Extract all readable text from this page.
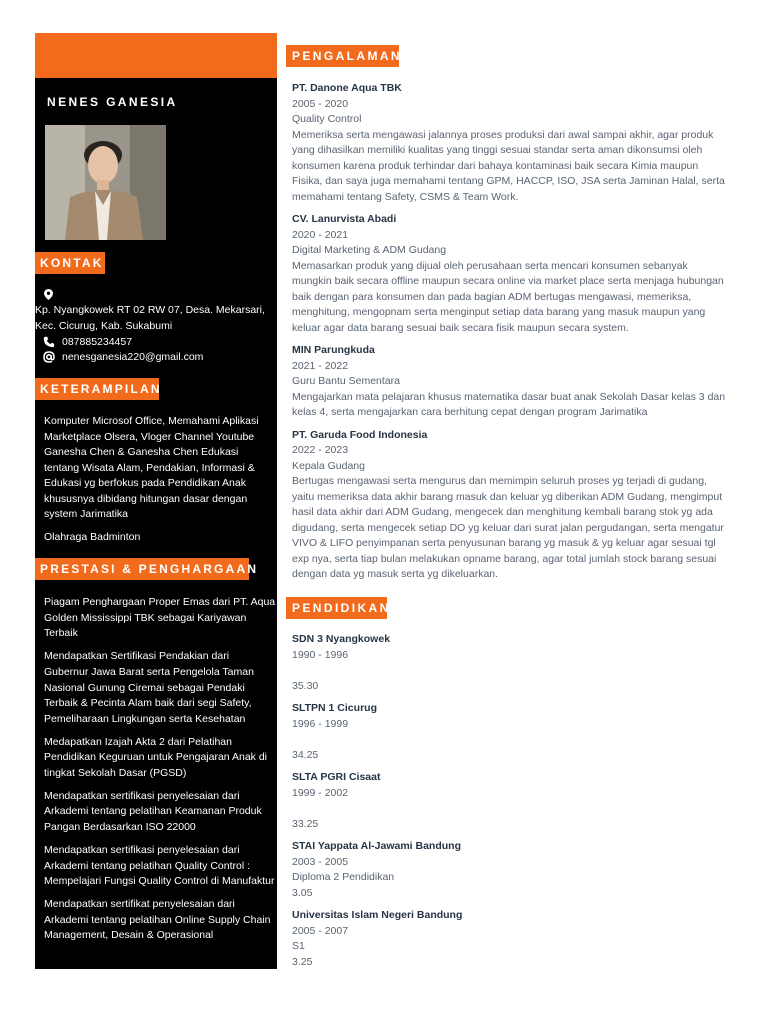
NENES GANESIA
KONTAK
Kp. Nyangkowek RT 02 RW 07, Desa. Mekarsari, Kec. Cicurug, Kab. Sukabumi
087885234457
nenesganesia220@gmail.com
KETERAMPILAN
Komputer Microsof Office, Memahami Aplikasi Marketplace Olsera, Vloger Channel Youtube Ganesha Chen & Ganesha Chen Edukasi tentang Wisata Alam, Pendakian, Informasi & Edukasi yg berfokus pada Pendidikan Anak khususnya dibidang hitungan dasar dengan system Jarimatika
Olahraga Badminton
PRESTASI & PENGHARGAAN
Piagam Penghargaan Proper Emas dari PT. Aqua Golden Mississippi TBK sebagai Kariyawan Terbaik
Mendapatkan Sertifikasi Pendakian dari Gubernur Jawa Barat serta Pengelola Taman Nasional Gunung Ciremai sebagai Pendaki Terbaik & Pecinta Alam baik dari segi Safety, Pemeliharaan Lingkungan serta Kesehatan
Medapatkan Izajah Akta 2 dari Pelatihan Pendidikan Keguruan untuk Pengajaran Anak di tingkat Sekolah Dasar (PGSD)
Mendapatkan sertifikasi penyelesaian dari Arkademi tentang pelatihan Keamanan Produk Pangan Berdasarkan ISO 22000
Mendapatkan sertifikasi penyelesaian dari Arkademi tentang pelatihan Quality Control : Mempelajari Fungsi Quality Control di Manufaktur
Mendapatkan sertifikat penyelesaian dari Arkademi tentang pelatihan Online Supply Chain Management, Desain & Operasional
PENGALAMAN
PT. Danone Aqua TBK
2005 - 2020
Quality Control
Memeriksa serta mengawasi jalannya proses produksi dari awal sampai akhir, agar produk yang dihasilkan memiliki kualitas yang tinggi sesuai standar serta aman dikonsumsi oleh konsumen karena produk terhindar dari bahaya kontaminasi baik secara Kimia maupun Fisika, dan saya juga memahami tentang GPM, HACCP, ISO, JSA serta Jaminan Halal, serta memahami tentang Safety, CSMS & Team Work.
CV. Lanurvista Abadi
2020 - 2021
Digital Marketing & ADM Gudang
Memasarkan produk yang dijual oleh perusahaan serta mencari konsumen sebanyak mungkin baik secara offline maupun secara online via market place serta menjaga hubungan baik dengan para konsumen dan pada bagian ADM bertugas mengawasi, memeriksa, menghitung, mengopnam serta menginput setiap data barang yang masuk maupun yang keluar agar data barang sesuai baik secara fisik maupun secara system.
MIN Parungkuda
2021 - 2022
Guru Bantu Sementara
Mengajarkan mata pelajaran khusus matematika dasar buat anak Sekolah Dasar kelas 3 dan kelas 4, serta mengajarkan cara berhitung cepat dengan program Jarimatika
PT. Garuda Food Indonesia
2022 - 2023
Kepala Gudang
Bertugas mengawasi serta mengurus dan memimpin seluruh proses yg terjadi di gudang, yaitu memeriksa data akhir barang masuk dan keluar yg diberikan ADM Gudang, mengimput hasil data akhir dari ADM Gudang, mengecek dan menghitung kembali barang stok yg ada digudang, serta mengecek setiap DO yg keluar dari surat jalan pergudangan, serta mengatur VIVO & LIFO penyimpanan serta penyusunan barang yg masuk & yg keluar agar sesuai tgl exp nya, serta tiap bulan melakukan opname barang, agar total jumlah stock barang sesuai dengan data yg masuk serta yg dikeluarkan.
PENDIDIKAN
SDN 3 Nyangkowek
1990 - 1996
35.30
SLTPN 1 Cicurug
1996 - 1999
34.25
SLTA PGRI Cisaat
1999 - 2002
33.25
STAI Yappata Al-Jawami Bandung
2003 - 2005
Diploma 2 Pendidikan
3.05
Universitas Islam Negeri Bandung
2005 - 2007
S1
3.25
